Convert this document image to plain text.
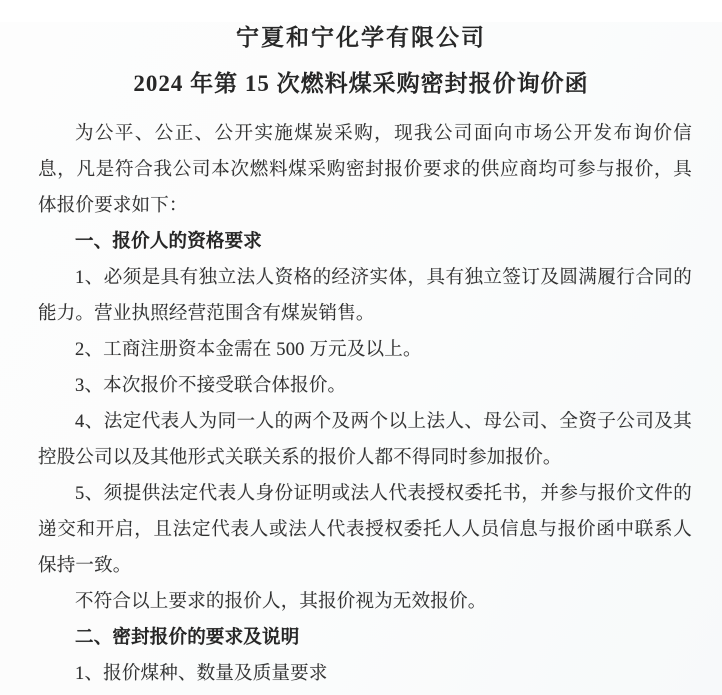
宁夏和宁化学有限公司
2024 年第 15 次燃料煤采购密封报价询价函

为公平、公正、公开实施煤炭采购，现我公司面向市场公开发布询价信息，凡是符合我公司本次燃料煤采购密封报价要求的供应商均可参与报价，具体报价要求如下：

一、报价人的资格要求

1、必须是具有独立法人资格的经济实体，具有独立签订及圆满履行合同的能力。营业执照经营范围含有煤炭销售。

2、工商注册资本金需在 500 万元及以上。

3、本次报价不接受联合体报价。

4、法定代表人为同一人的两个及两个以上法人、母公司、全资子公司及其控股公司以及其他形式关联关系的报价人都不得同时参加报价。

5、须提供法定代表人身份证明或法人代表授权委托书，并参与报价文件的递交和开启，且法定代表人或法人代表授权委托人人员信息与报价函中联系人保持一致。

不符合以上要求的报价人，其报价视为无效报价。

二、密封报价的要求及说明

1、报价煤种、数量及质量要求
